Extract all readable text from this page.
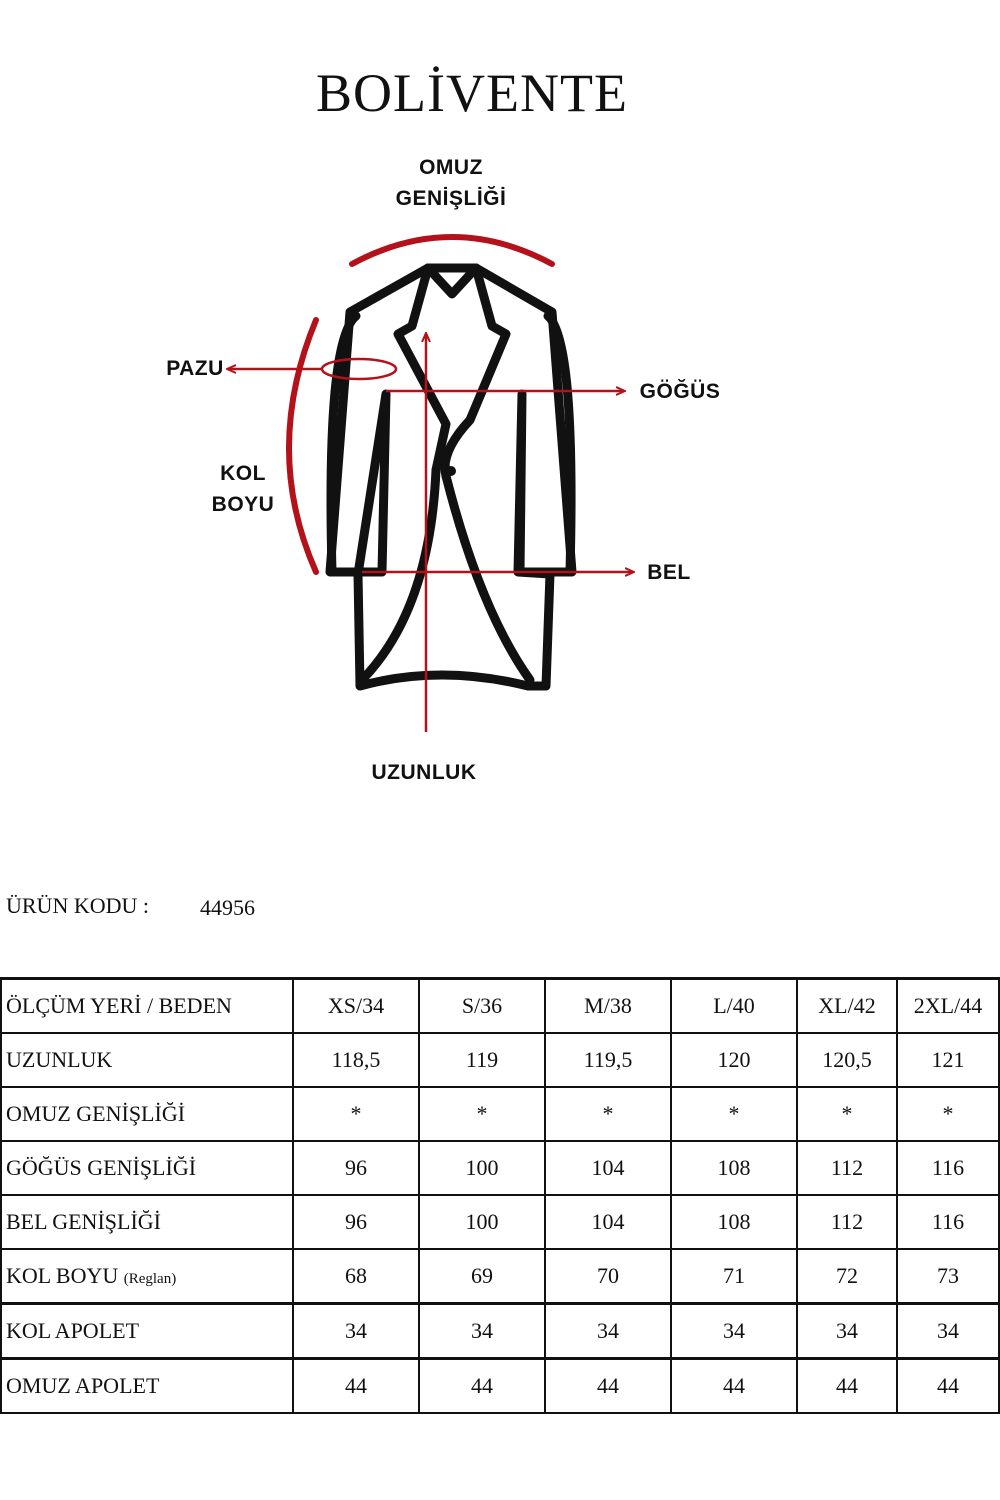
BOLİVENTE
OMUZ
GENİŞLİĞİ
PAZU
GÖĞÜS
KOL
BOYU
BEL
UZUNLUK
ÜRÜN KODU : 44956
ÖLÇÜM YERİ / BEDEN	XS/34	S/36	M/38	L/40	XL/42	2XL/44
UZUNLUK	118,5	119	119,5	120	120,5	121
OMUZ GENİŞLİĞİ	*	*	*	*	*	*
GÖĞÜS GENİŞLİĞİ	96	100	104	108	112	116
BEL GENİŞLİĞİ	96	100	104	108	112	116
KOL BOYU (Reglan)	68	69	70	71	72	73
KOL APOLET	34	34	34	34	34	34
OMUZ APOLET	44	44	44	44	44	44
